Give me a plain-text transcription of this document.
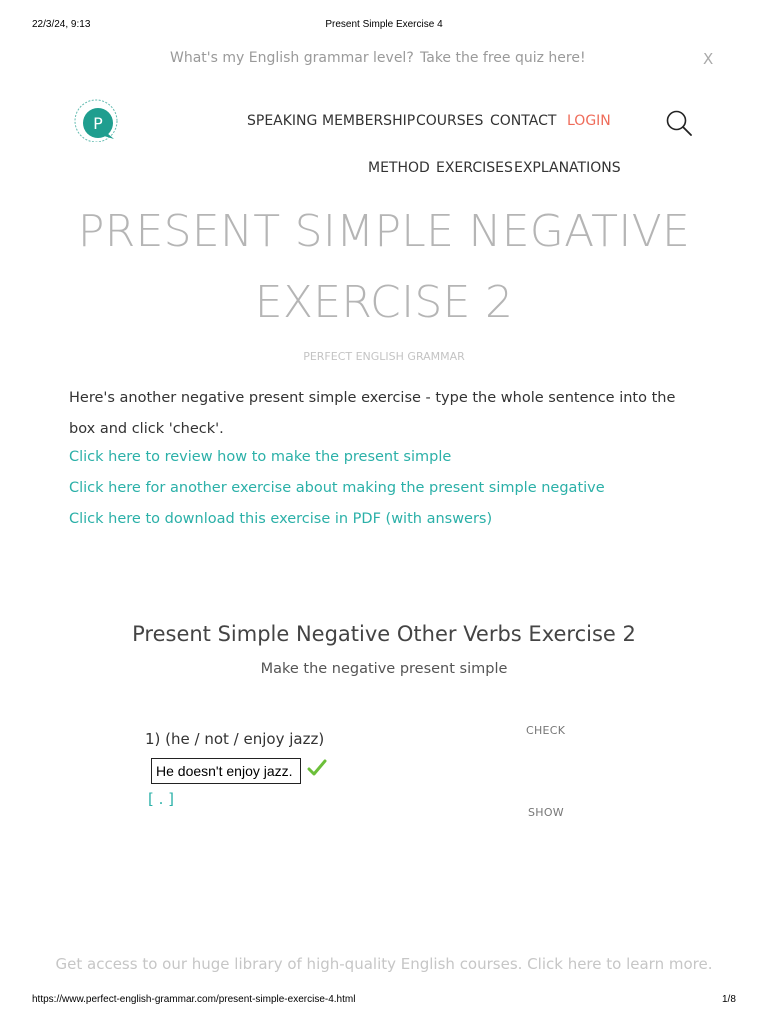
22/3/24, 9:13	Present Simple Exercise 4
What's my English grammar level? Take the free quiz here!	X
P	SPEAKING MEMBERSHIP COURSES CONTACT LOGIN
METHOD EXERCISES EXPLANATIONS
PRESENT SIMPLE NEGATIVE
EXERCISE 2
PERFECT ENGLISH GRAMMAR
Here's another negative present simple exercise - type the whole sentence into the box and click 'check'.
Click here to review how to make the present simple
Click here for another exercise about making the present simple negative
Click here to download this exercise in PDF (with answers)
Present Simple Negative Other Verbs Exercise 2
Make the negative present simple
1) (he / not / enjoy jazz)
He doesn't enjoy jazz.
[ . ]
CHECK
SHOW
Get access to our huge library of high-quality English courses. Click here to learn more.
https://www.perfect-english-grammar.com/present-simple-exercise-4.html	1/8
